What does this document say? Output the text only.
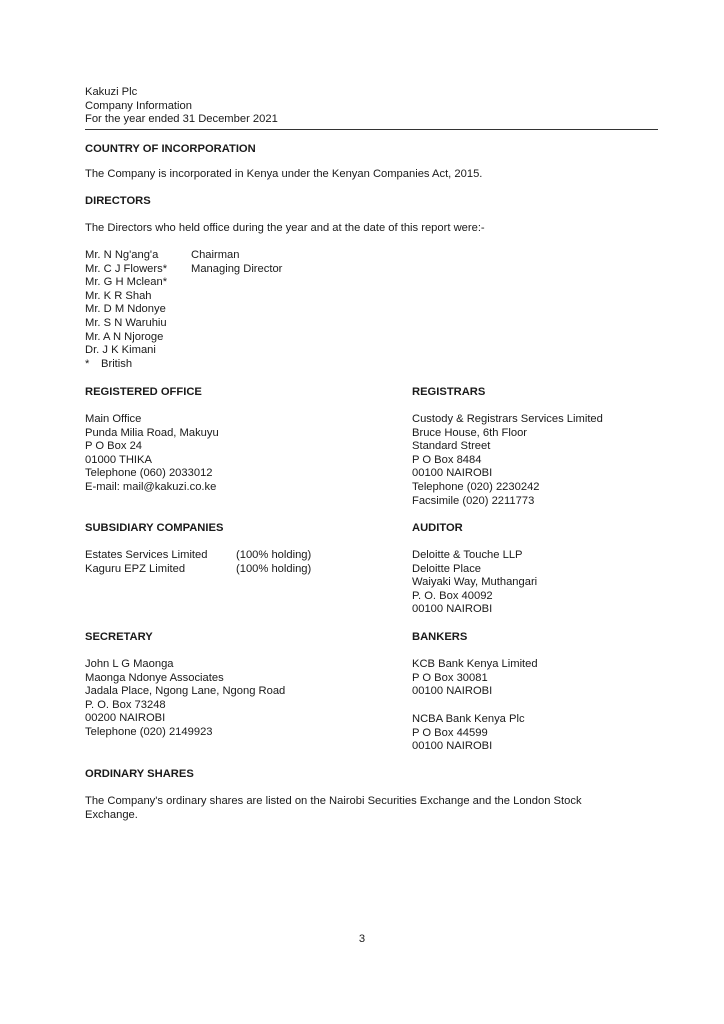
Kakuzi Plc
Company Information
For the year ended 31 December 2021
COUNTRY OF INCORPORATION
The Company is incorporated in Kenya under the Kenyan Companies Act, 2015.
DIRECTORS
The Directors who held office during the year and at the date of this report were:-
Mr. N Ng'ang'a	Chairman
Mr. C J Flowers* Managing Director
Mr. G H Mclean*
Mr. K R Shah
Mr. D M Ndonye
Mr. S N Waruhiu
Mr. A N Njoroge
Dr. J K Kimani
* British
REGISTERED OFFICE
Main Office
Punda Milia Road, Makuyu
P O Box 24
01000 THIKA
Telephone (060) 2033012
E-mail: mail@kakuzi.co.ke
REGISTRARS
Custody & Registrars Services Limited
Bruce House, 6th Floor
Standard Street
P O Box 8484
00100 NAIROBI
Telephone (020) 2230242
Facsimile (020) 2211773
SUBSIDIARY COMPANIES
Estates Services Limited	(100% holding)
Kaguru EPZ Limited	(100% holding)
AUDITOR
Deloitte & Touche LLP
Deloitte Place
Waiyaki Way, Muthangari
P. O. Box 40092
00100 NAIROBI
SECRETARY
John L G Maonga
Maonga Ndonye Associates
Jadala Place, Ngong Lane, Ngong Road
P. O. Box 73248
00200 NAIROBI
Telephone (020) 2149923
BANKERS
KCB Bank Kenya Limited
P O Box 30081
00100 NAIROBI
NCBA Bank Kenya Plc
P O Box 44599
00100 NAIROBI
ORDINARY SHARES
The Company's ordinary shares are listed on the Nairobi Securities Exchange and the London Stock
Exchange.
3
